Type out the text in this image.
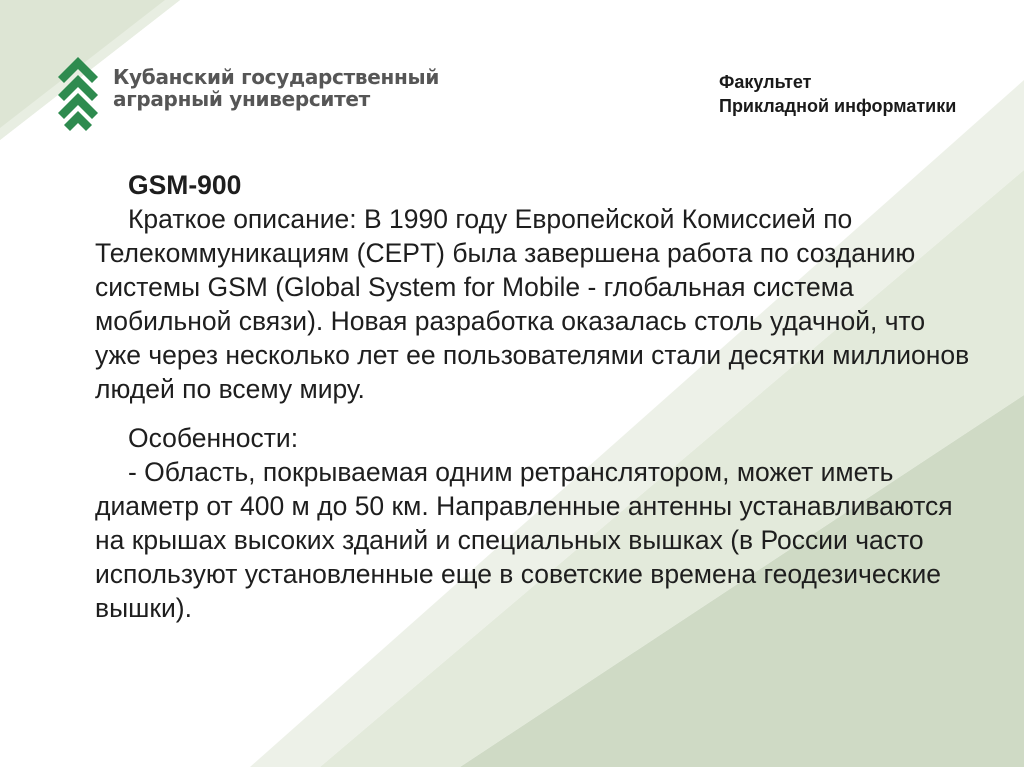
Кубанский государственный
аграрный университет
Факультет
Прикладной информатики
GSM-900

Краткое описание: В 1990 году Европейской Комиссией по Телекоммуникациям (CEPT) была завершена работа по созданию системы GSM (Global System for Mobile - глобальная система мобильной связи). Новая разработка оказалась столь удачной, что уже через несколько лет ее пользователями стали десятки миллионов людей по всему миру.

Особенности:

- Область, покрываемая одним ретранслятором, может иметь диаметр от 400 м до 50 км. Направленные антенны устанавливаются на крышах высоких зданий и специальных вышках (в России часто используют установленные еще в советские времена геодезические вышки).
